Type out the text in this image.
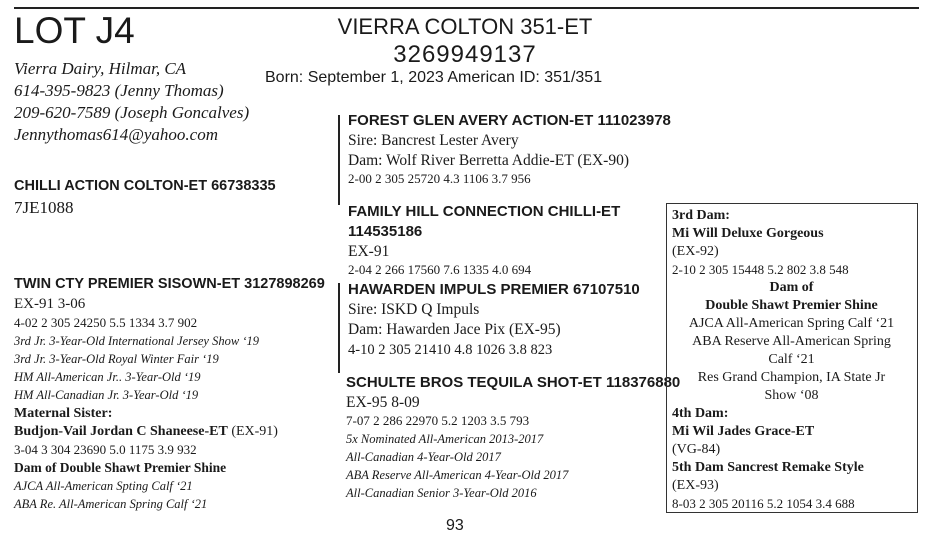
LOT J4	VIERRA COLTON 351-ET
3269949137
Born: September 1, 2023 American ID: 351/351
Vierra Dairy, Hilmar, CA
614-395-9823 (Jenny Thomas)
209-620-7589 (Joseph Goncalves)
Jennythomas614@yahoo.com
CHILLI ACTION COLTON-ET 66738335
7JE1088
TWIN CTY PREMIER SISOWN-ET 3127898269
EX-91 3-06
4-02 2 305 24250 5.5 1334 3.7 902
3rd Jr. 3-Year-Old International Jersey Show ‘19
3rd Jr. 3-Year-Old Royal Winter Fair ‘19
HM All-American Jr.. 3-Year-Old ‘19
HM All-Canadian Jr. 3-Year-Old ‘19
Maternal Sister:
Budjon-Vail Jordan C Shaneese-ET (EX-91)
3-04 3 304 23690 5.0 1175 3.9 932
Dam of Double Shawt Premier Shine
AJCA All-American Spting Calf ‘21
ABA Re. All-American Spring Calf ‘21
FOREST GLEN AVERY ACTION-ET 111023978
Sire: Bancrest Lester Avery
Dam: Wolf River Berretta Addie-ET (EX-90)
2-00 2 305 25720 4.3 1106 3.7 956
FAMILY HILL CONNECTION CHILLI-ET
114535186
EX-91
2-04 2 266 17560 7.6 1335 4.0 694
HAWARDEN IMPULS PREMIER 67107510
Sire: ISKD Q Impuls
Dam: Hawarden Jace Pix (EX-95)
4-10 2 305 21410 4.8 1026 3.8 823
SCHULTE BROS TEQUILA SHOT-ET 118376880
EX-95 8-09
7-07 2 286 22970 5.2 1203 3.5 793
5x Nominated All-American 2013-2017
All-Canadian 4-Year-Old 2017
ABA Reserve All-American 4-Year-Old 2017
All-Canadian Senior 3-Year-Old 2016
3rd Dam:
Mi Will Deluxe Gorgeous
(EX-92)
2-10 2 305 15448 5.2 802 3.8 548
Dam of
Double Shawt Premier Shine
AJCA All-American Spring Calf ‘21
ABA Reserve All-American Spring
Calf ‘21
Res Grand Champion, IA State Jr
Show ‘08
4th Dam:
Mi Wil Jades Grace-ET
(VG-84)
5th Dam Sancrest Remake Style
(EX-93)
8-03 2 305 20116 5.2 1054 3.4 688
93
